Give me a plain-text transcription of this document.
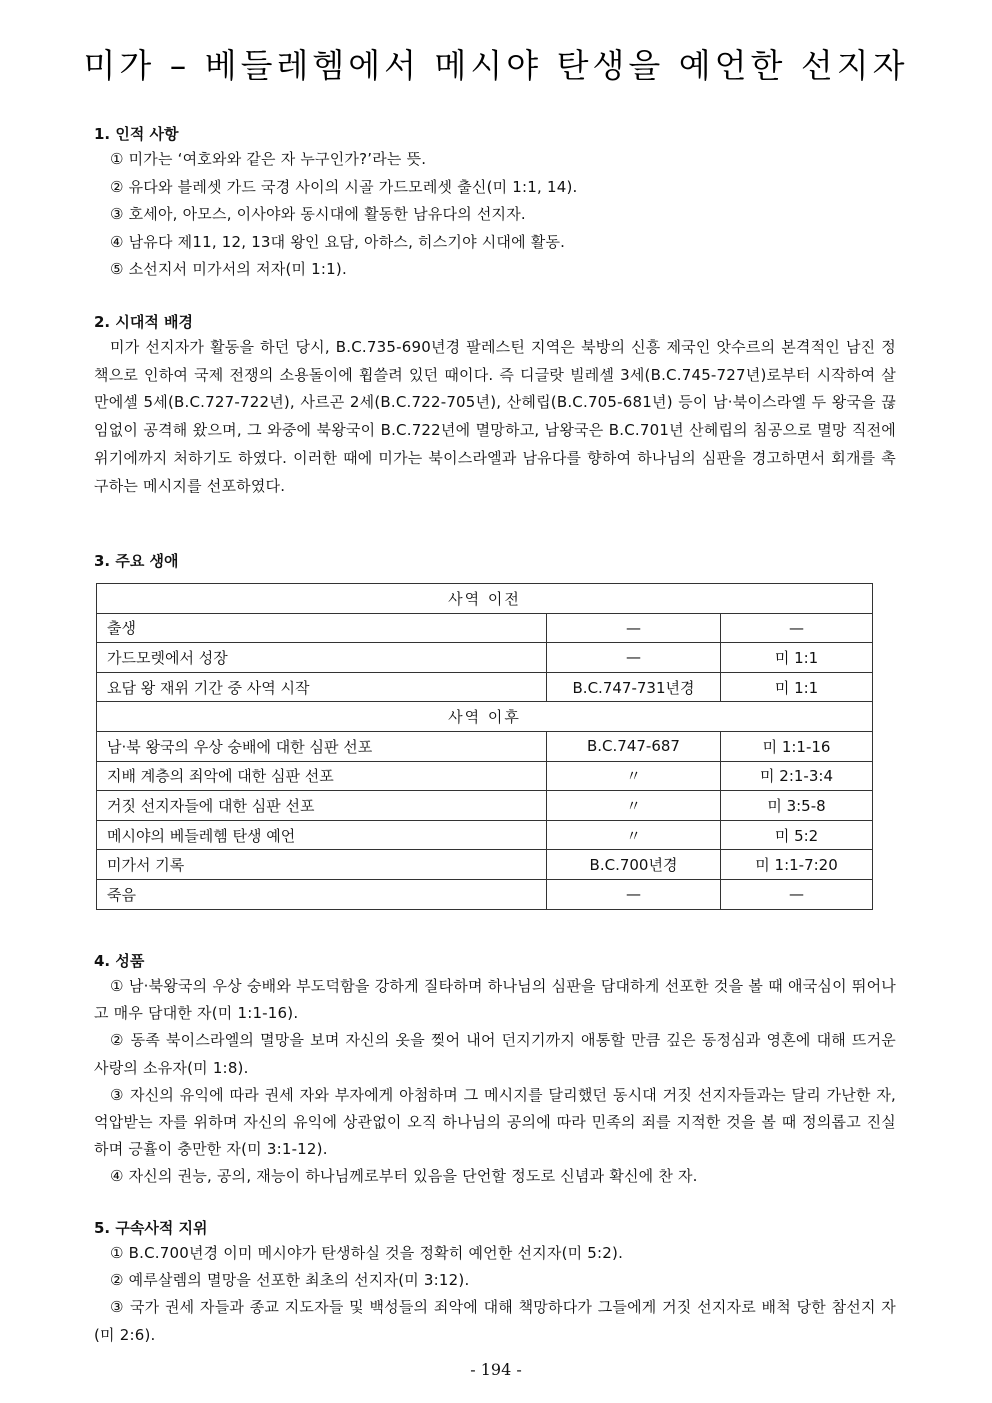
미가 – 베들레헴에서 메시야 탄생을 예언한 선지자
1. 인적 사항
① 미가는 ‘여호와와 같은 자 누구인가?’라는 뜻.
② 유다와 블레셋 가드 국경 사이의 시골 가드모레셋 출신(미 1:1, 14).
③ 호세아, 아모스, 이사야와 동시대에 활동한 남유다의 선지자.
④ 남유다 제11, 12, 13대 왕인 요담, 아하스, 히스기야 시대에 활동.
⑤ 소선지서 미가서의 저자(미 1:1).
2. 시대적 배경
미가 선지자가 활동을 하던 당시, B.C.735-690년경 팔레스틴 지역은 북방의 신흥 제국인 앗수르의 본격적인 남진 정책으로 인하여 국제 전쟁의 소용돌이에 휩쓸려 있던 때이다. 즉 디글랏 빌레셀 3세(B.C.745-727년)로부터 시작하여 살만에셀 5세(B.C.727-722년), 사르곤 2세(B.C.722-705년), 산헤립(B.C.705-681년) 등이 남·북이스라엘 두 왕국을 끊임없이 공격해 왔으며, 그 와중에 북왕국이 B.C.722년에 멸망하고, 남왕국은 B.C.701년 산헤립의 침공으로 멸망 직전에 위기에까지 처하기도 하였다. 이러한 때에 미가는 북이스라엘과 남유다를 향하여 하나님의 심판을 경고하면서 회개를 촉구하는 메시지를 선포하였다.
3. 주요 생애
사역 이전		
출생	—	—
가드모렛에서 성장	—	미 1:1
요담 왕 재위 기간 중 사역 시작	B.C.747-731년경	미 1:1
사역 이후		
남·북 왕국의 우상 숭배에 대한 심판 선포	B.C.747-687	미 1:1-16
지배 계층의 죄악에 대한 심판 선포	〃	미 2:1-3:4
거짓 선지자들에 대한 심판 선포	〃	미 3:5-8
메시야의 베들레헴 탄생 예언	〃	미 5:2
미가서 기록	B.C.700년경	미 1:1-7:20
죽음	—	—
4. 성품
① 남·북왕국의 우상 숭배와 부도덕함을 강하게 질타하며 하나님의 심판을 담대하게 선포한 것을 볼 때 애국심이 뛰어나고 매우 담대한 자(미 1:1-16).
② 동족 북이스라엘의 멸망을 보며 자신의 옷을 찢어 내어 던지기까지 애통할 만큼 깊은 동정심과 영혼에 대해 뜨거운 사랑의 소유자(미 1:8).
③ 자신의 유익에 따라 권세 자와 부자에게 아첨하며 그 메시지를 달리했던 동시대 거짓 선지자들과는 달리 가난한 자, 억압받는 자를 위하며 자신의 유익에 상관없이 오직 하나님의 공의에 따라 민족의 죄를 지적한 것을 볼 때 정의롭고 진실하며 긍휼이 충만한 자(미 3:1-12).
④ 자신의 권능, 공의, 재능이 하나님께로부터 있음을 단언할 정도로 신념과 확신에 찬 자.
5. 구속사적 지위
① B.C.700년경 이미 메시야가 탄생하실 것을 정확히 예언한 선지자(미 5:2).
② 예루살렘의 멸망을 선포한 최초의 선지자(미 3:12).
③ 국가 권세 자들과 종교 지도자들 및 백성들의 죄악에 대해 책망하다가 그들에게 거짓 선지자로 배척 당한 참선지 자(미 2:6).
- 194 -
